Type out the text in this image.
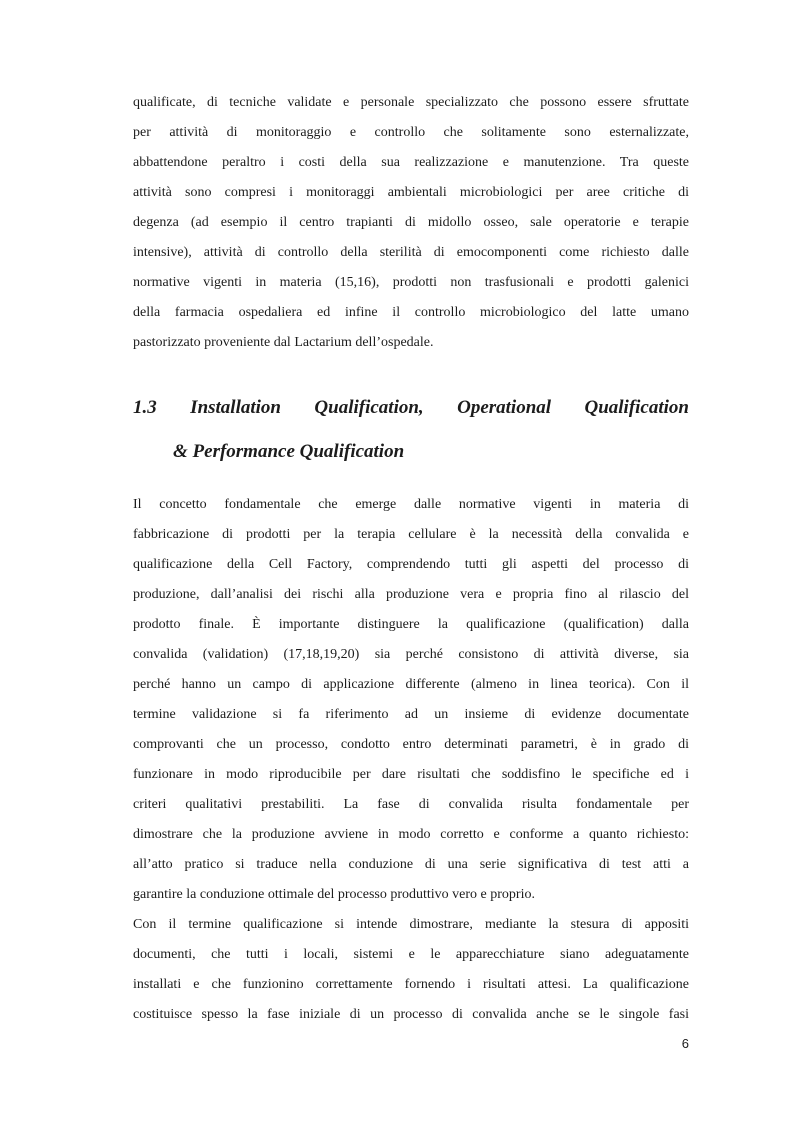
qualificate, di tecniche validate e personale specializzato che possono essere sfruttate
per attività di monitoraggio e controllo che solitamente sono esternalizzate,
abbattendone peraltro i costi della sua realizzazione e manutenzione. Tra queste
attività sono compresi i monitoraggi ambientali microbiologici per aree critiche di
degenza (ad esempio il centro trapianti di midollo osseo, sale operatorie e terapie
intensive), attività di controllo della sterilità di emocomponenti come richiesto dalle
normative vigenti in materia (15,16), prodotti non trasfusionali e prodotti galenici
della farmacia ospedaliera ed infine il controllo microbiologico del latte umano
pastorizzato proveniente dal Lactarium dell’ospedale.
1.3 Installation Qualification, Operational Qualification
& Performance Qualification
Il concetto fondamentale che emerge dalle normative vigenti in materia di
fabbricazione di prodotti per la terapia cellulare è la necessità della convalida e
qualificazione della Cell Factory, comprendendo tutti gli aspetti del processo di
produzione, dall’analisi dei rischi alla produzione vera e propria fino al rilascio del
prodotto finale. È importante distinguere la qualificazione (qualification) dalla
convalida (validation) (17,18,19,20) sia perché consistono di attività diverse, sia
perché hanno un campo di applicazione differente (almeno in linea teorica). Con il
termine validazione si fa riferimento ad un insieme di evidenze documentate
comprovanti che un processo, condotto entro determinati parametri, è in grado di
funzionare in modo riproducibile per dare risultati che soddisfino le specifiche ed i
criteri qualitativi prestabiliti. La fase di convalida risulta fondamentale per
dimostrare che la produzione avviene in modo corretto e conforme a quanto richiesto:
all’atto pratico si traduce nella conduzione di una serie significativa di test atti a
garantire la conduzione ottimale del processo produttivo vero e proprio.
Con il termine qualificazione si intende dimostrare, mediante la stesura di appositi
documenti, che tutti i locali, sistemi e le apparecchiature siano adeguatamente
installati e che funzionino correttamente fornendo i risultati attesi. La qualificazione
costituisce spesso la fase iniziale di un processo di convalida anche se le singole fasi
6
